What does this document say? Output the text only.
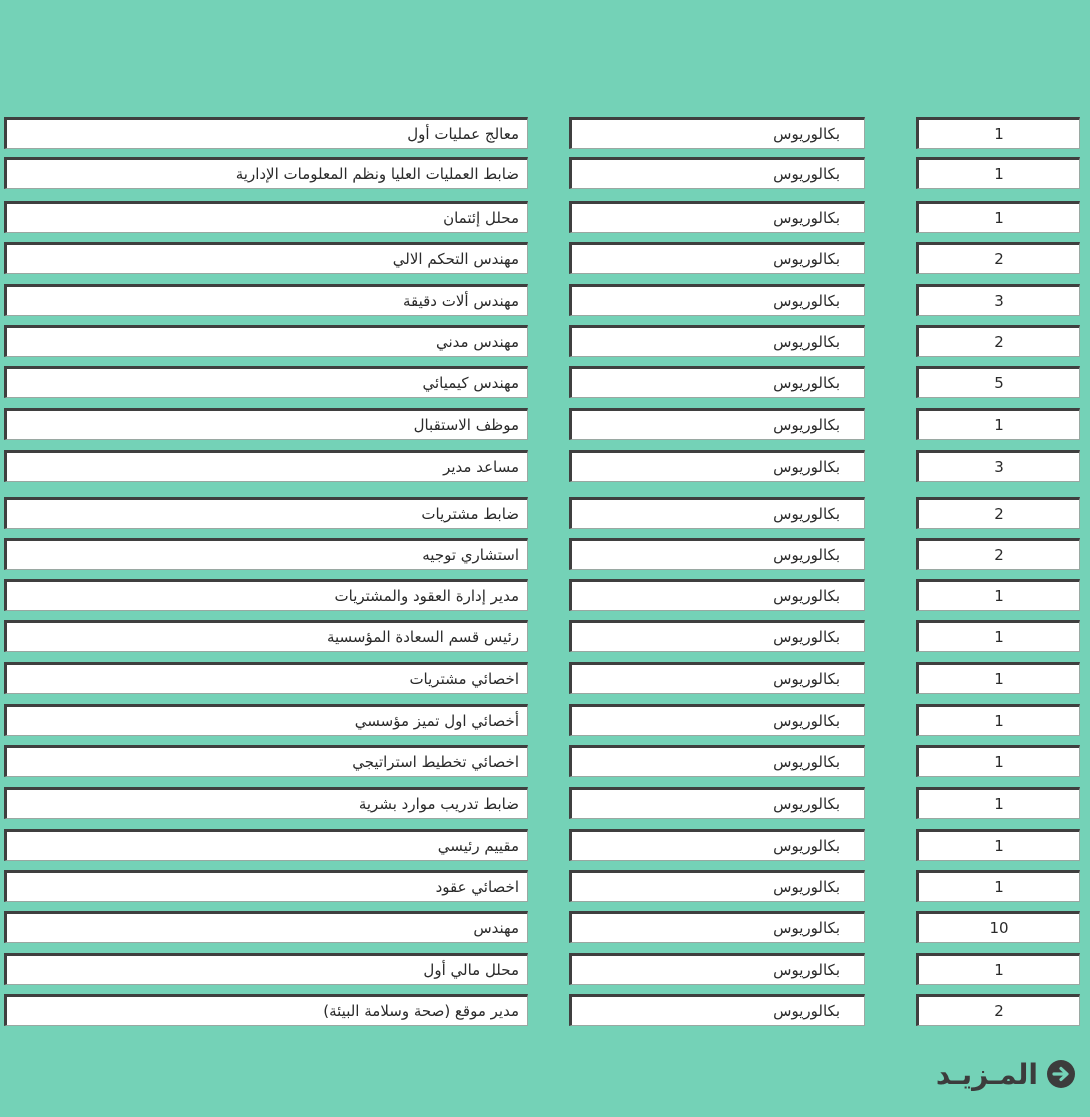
معالج عمليات أول	بكالوريوس	1
ضابط العمليات العليا ونظم المعلومات الإدارية	بكالوريوس	1
محلل إئتمان	بكالوريوس	1
مهندس التحكم الالي	بكالوريوس	2
مهندس ألات دقيقة	بكالوريوس	3
مهندس مدني	بكالوريوس	2
مهندس كيميائي	بكالوريوس	5
موظف الاستقبال	بكالوريوس	1
مساعد مدير	بكالوريوس	3
ضابط مشتريات	بكالوريوس	2
استشاري توجيه	بكالوريوس	2
مدير إدارة العقود والمشتريات	بكالوريوس	1
رئيس قسم السعادة المؤسسية	بكالوريوس	1
اخصائي مشتريات	بكالوريوس	1
أخصائي اول تميز مؤسسي	بكالوريوس	1
اخصائي تخطيط استراتيجي	بكالوريوس	1
ضابط تدريب موارد بشرية	بكالوريوس	1
مقييم رئيسي	بكالوريوس	1
اخصائي عقود	بكالوريوس	1
مهندس	بكالوريوس	10
محلل مالي أول	بكالوريوس	1
مدير موقع (صحة وسلامة البيئة)	بكالوريوس	2
المـزيـد
